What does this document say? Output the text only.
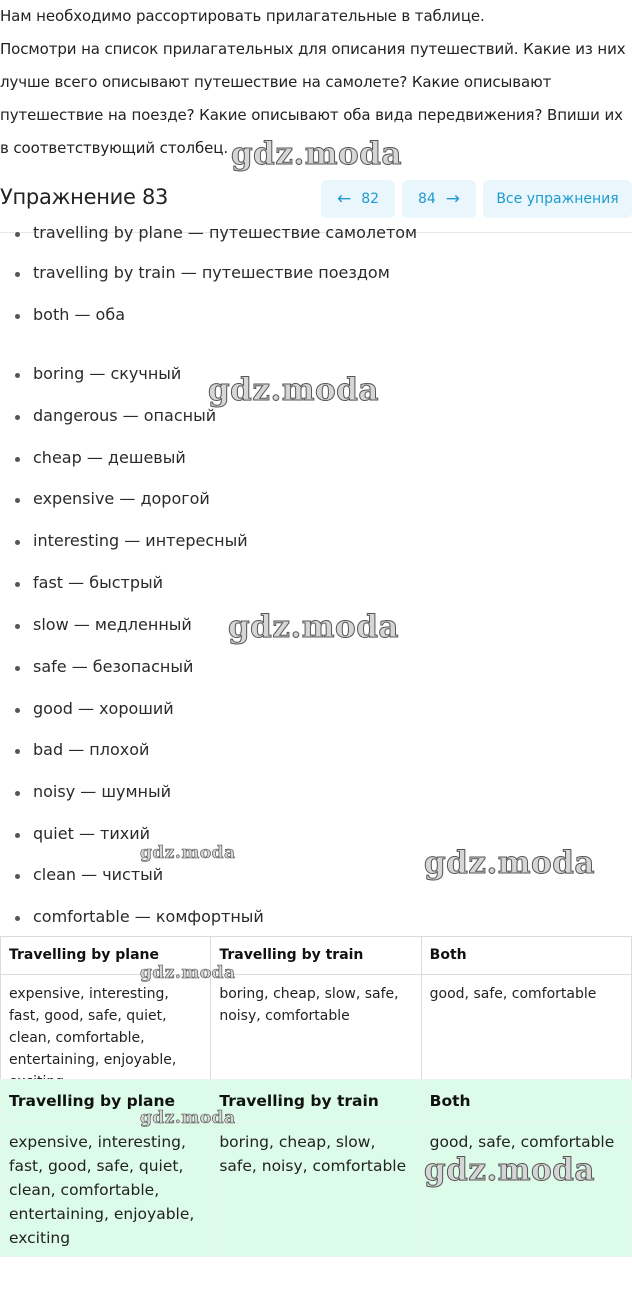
Нам необходимо рассортировать прилагательные в таблице.

Посмотри на список прилагательных для описания путешествий. Какие из них

лучше всего описывают путешествие на самолете? Какие описывают

путешествие на поезде? Какие описывают оба вида передвижения? Впиши их

в соответствующий столбец.

Упражнение 83	← 82	84 →	Все упражнения
travelling by plane — путешествие самолетом
travelling by train — путешествие поездом
both — оба
boring — скучный
dangerous — опасный
cheap — дешевый
expensive — дорогой
interesting — интересный
fast — быстрый
slow — медленный
safe — безопасный
good — хороший
bad — плохой
noisy — шумный
quiet — тихий
clean — чистый
comfortable — комфортный
Travelling by plane	Travelling by train	Both
expensive, interesting, fast, good, safe, quiet, clean, comfortable, entertaining, enjoyable,	boring, cheap, slow, safe, noisy, comfortable	good, safe, comfortable
Travelling by plane	Travelling by train	Both
expensive, interesting, fast, good, safe, quiet, clean, comfortable, entertaining, enjoyable, exciting	boring, cheap, slow, safe, noisy, comfortable	good, safe, comfortable
gdz.moda
gdz.moda
gdz.moda
gdz.moda
gdz.moda
gdz.moda
gdz.moda
gdz.moda
